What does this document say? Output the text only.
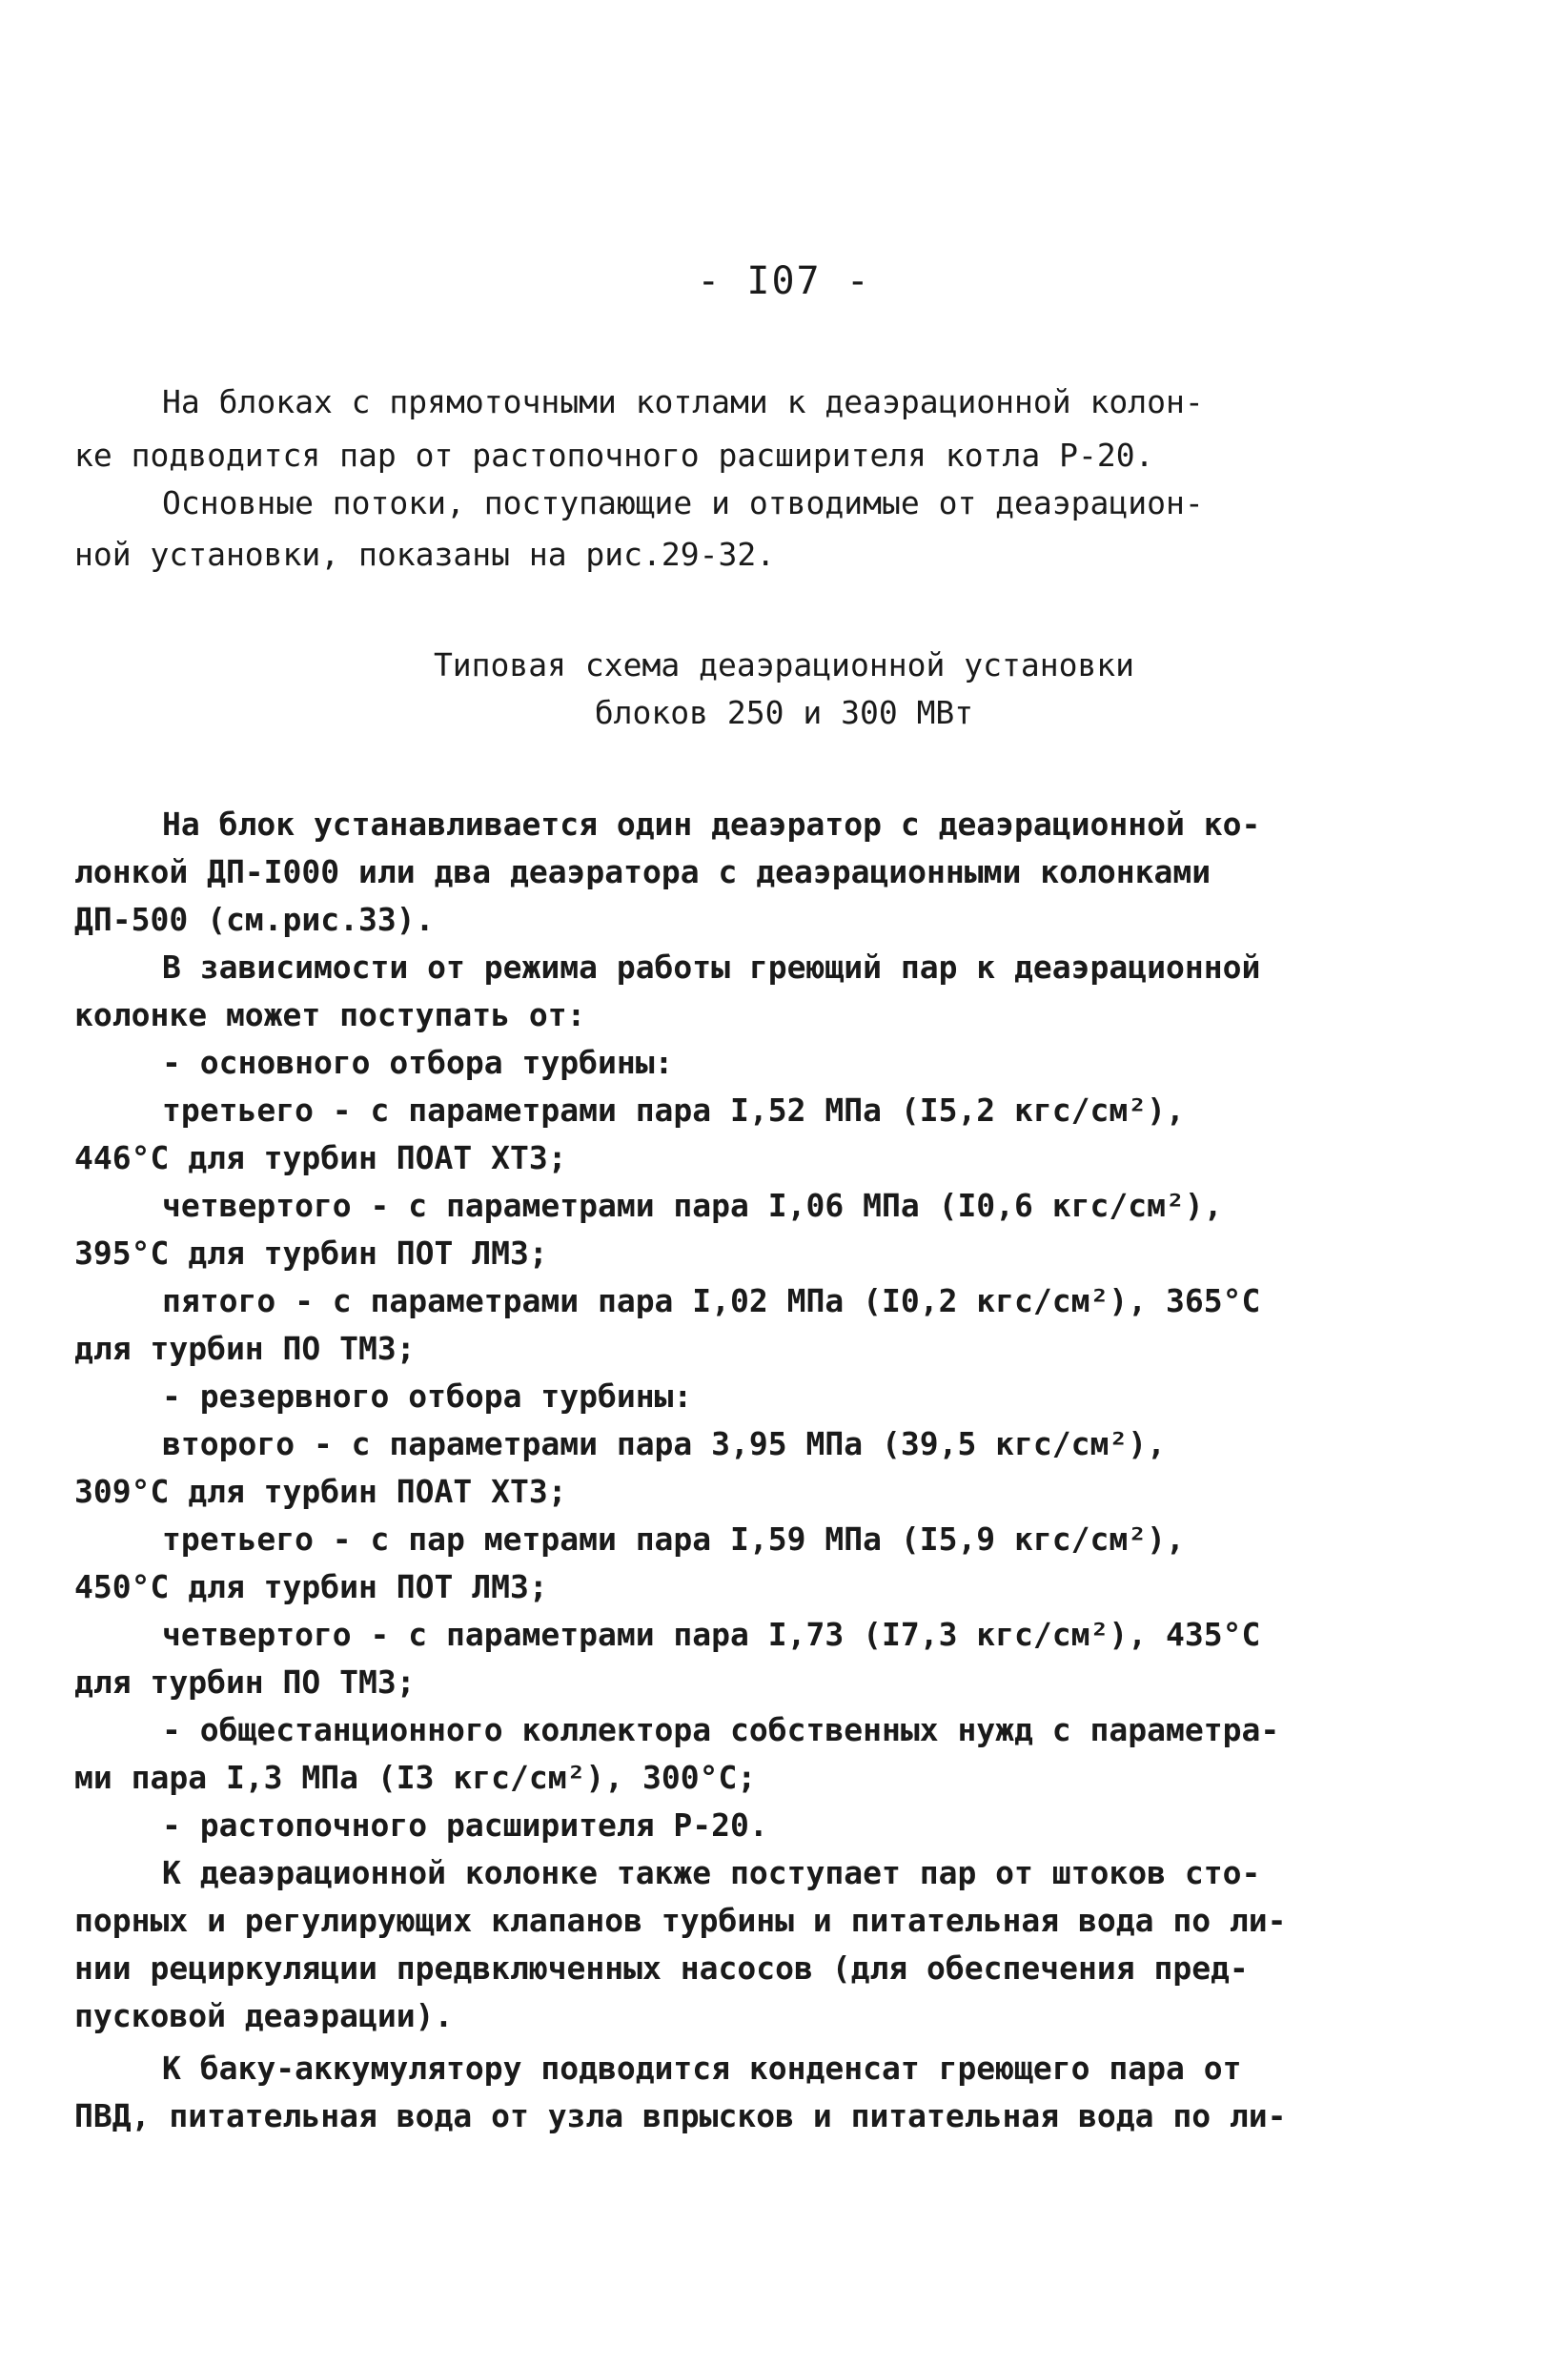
- I07 -
На блоках с прямоточными котлами к деаэрационной колон-
ке подводится пар от растопочного расширителя котла Р-20.
Основные потоки, поступающие и отводимые от деаэрацион-
ной установки, показаны на рис.29-32.
Типовая схема деаэрационной установки
блоков 250 и 300 МВт
На блок устанавливается один деаэратор с деаэрационной ко-
лонкой ДП-I000 или два деаэратора с деаэрационными колонками
ДП-500 (см.рис.33).
В зависимости от режима работы греющий пар к деаэрационной
колонке может поступать от:
- основного отбора турбины:
третьего - с параметрами пара I,52 МПа (I5,2 кгс/см²),
446°С для турбин ПОАТ ХТЗ;
четвертого - с параметрами пара I,06 МПа (I0,6 кгс/см²),
395°С для турбин ПОТ ЛМЗ;
пятого - с параметрами пара I,02 МПа (I0,2 кгс/см²), 365°С
для турбин ПО ТМЗ;
- резервного отбора турбины:
второго - с параметрами пара 3,95 МПа (39,5 кгс/см²),
309°С для турбин ПОАТ ХТЗ;
третьего - с пар метрами пара I,59 МПа (I5,9 кгс/см²),
450°С для турбин ПОТ ЛМЗ;
четвертого - с параметрами пара I,73 (I7,3 кгс/см²), 435°С
для турбин ПО ТМЗ;
- общестанционного коллектора собственных нужд с параметра-
ми пара I,3 МПа (I3 кгс/см²), 300°С;
- растопочного расширителя Р-20.
К деаэрационной колонке также поступает пар от штоков сто-
порных и регулирующих клапанов турбины и питательная вода по ли-
нии рециркуляции предвключенных насосов (для обеспечения пред-
пусковой деаэрации).
К баку-аккумулятору подводится конденсат греющего пара от
ПВД, питательная вода от узла впрысков и питательная вода по ли-
